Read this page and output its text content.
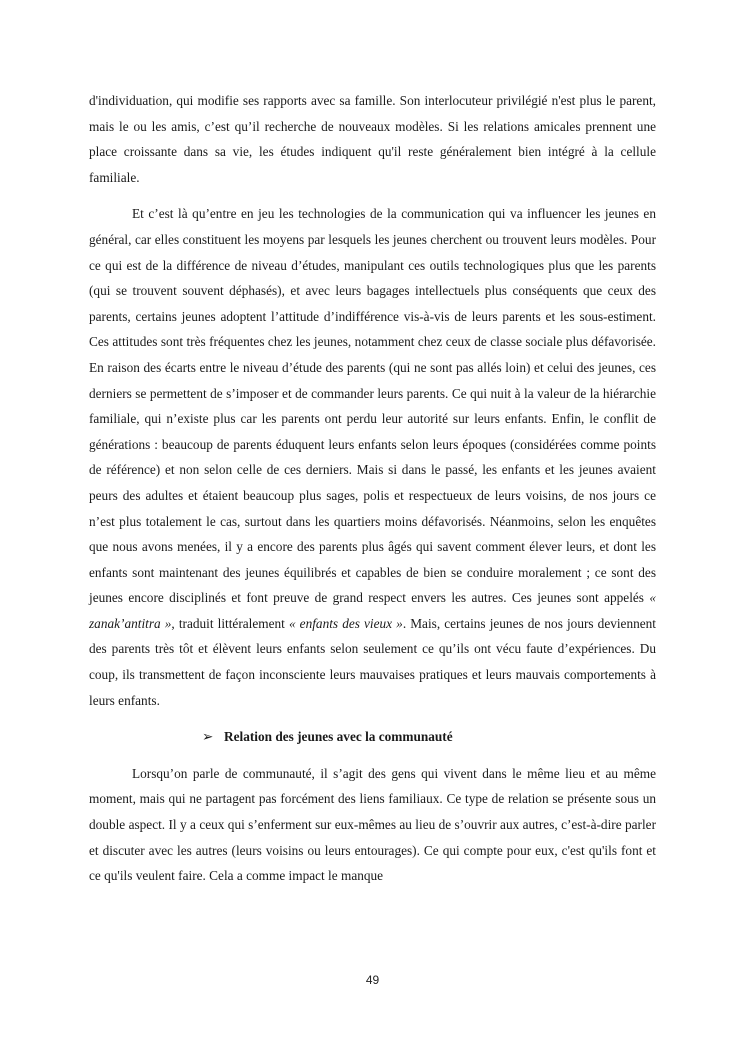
d'individuation, qui modifie ses rapports avec sa famille. Son interlocuteur privilégié n'est plus le parent, mais le ou les amis, c’est qu’il recherche de nouveaux modèles. Si les relations amicales prennent une place croissante dans sa vie, les études indiquent qu'il reste généralement bien intégré à la cellule familiale.

Et c’est là qu’entre en jeu les technologies de la communication qui va influencer les jeunes en général, car elles constituent les moyens par lesquels les jeunes cherchent ou trouvent leurs modèles. Pour ce qui est de la différence de niveau d’études, manipulant ces outils technologiques plus que les parents (qui se trouvent souvent déphasés), et avec leurs bagages intellectuels plus conséquents que ceux des parents, certains jeunes adoptent l’attitude d’indifférence vis-à-vis de leurs parents et les sous-estiment. Ces attitudes sont très fréquentes chez les jeunes, notamment chez ceux de classe sociale plus défavorisée. En raison des écarts entre le niveau d’étude des parents (qui ne sont pas allés loin) et celui des jeunes, ces derniers se permettent de s’imposer et de commander leurs parents. Ce qui nuit à la valeur de la hiérarchie familiale, qui n’existe plus car les parents ont perdu leur autorité sur leurs enfants. Enfin, le conflit de générations : beaucoup de parents éduquent leurs enfants selon leurs époques (considérées comme points de référence) et non selon celle de ces derniers. Mais si dans le passé, les enfants et les jeunes avaient peurs des adultes et étaient beaucoup plus sages, polis et respectueux de leurs voisins, de nos jours ce n’est plus totalement le cas, surtout dans les quartiers moins défavorisés. Néanmoins, selon les enquêtes que nous avons menées, il y a encore des parents plus âgés qui savent comment élever leurs, et dont les enfants sont maintenant des jeunes équilibrés et capables de bien se conduire moralement ; ce sont des jeunes encore disciplinés et font preuve de grand respect envers les autres. Ces jeunes sont appelés « zanak’antitra », traduit littéralement « enfants des vieux ». Mais, certains jeunes de nos jours deviennent des parents très tôt et élèvent leurs enfants selon seulement ce qu’ils ont vécu faute d’expériences. Du coup, ils transmettent de façon inconsciente leurs mauvaises pratiques et leurs mauvais comportements à leurs enfants.

➢ Relation des jeunes avec la communauté

Lorsqu’on parle de communauté, il s’agit des gens qui vivent dans le même lieu et au même moment, mais qui ne partagent pas forcément des liens familiaux. Ce type de relation se présente sous un double aspect. Il y a ceux qui s’enferment sur eux-mêmes au lieu de s’ouvrir aux autres, c’est-à-dire parler et discuter avec les autres (leurs voisins ou leurs entourages). Ce qui compte pour eux, c'est qu'ils font et ce qu'ils veulent faire. Cela a comme impact le manque

49
